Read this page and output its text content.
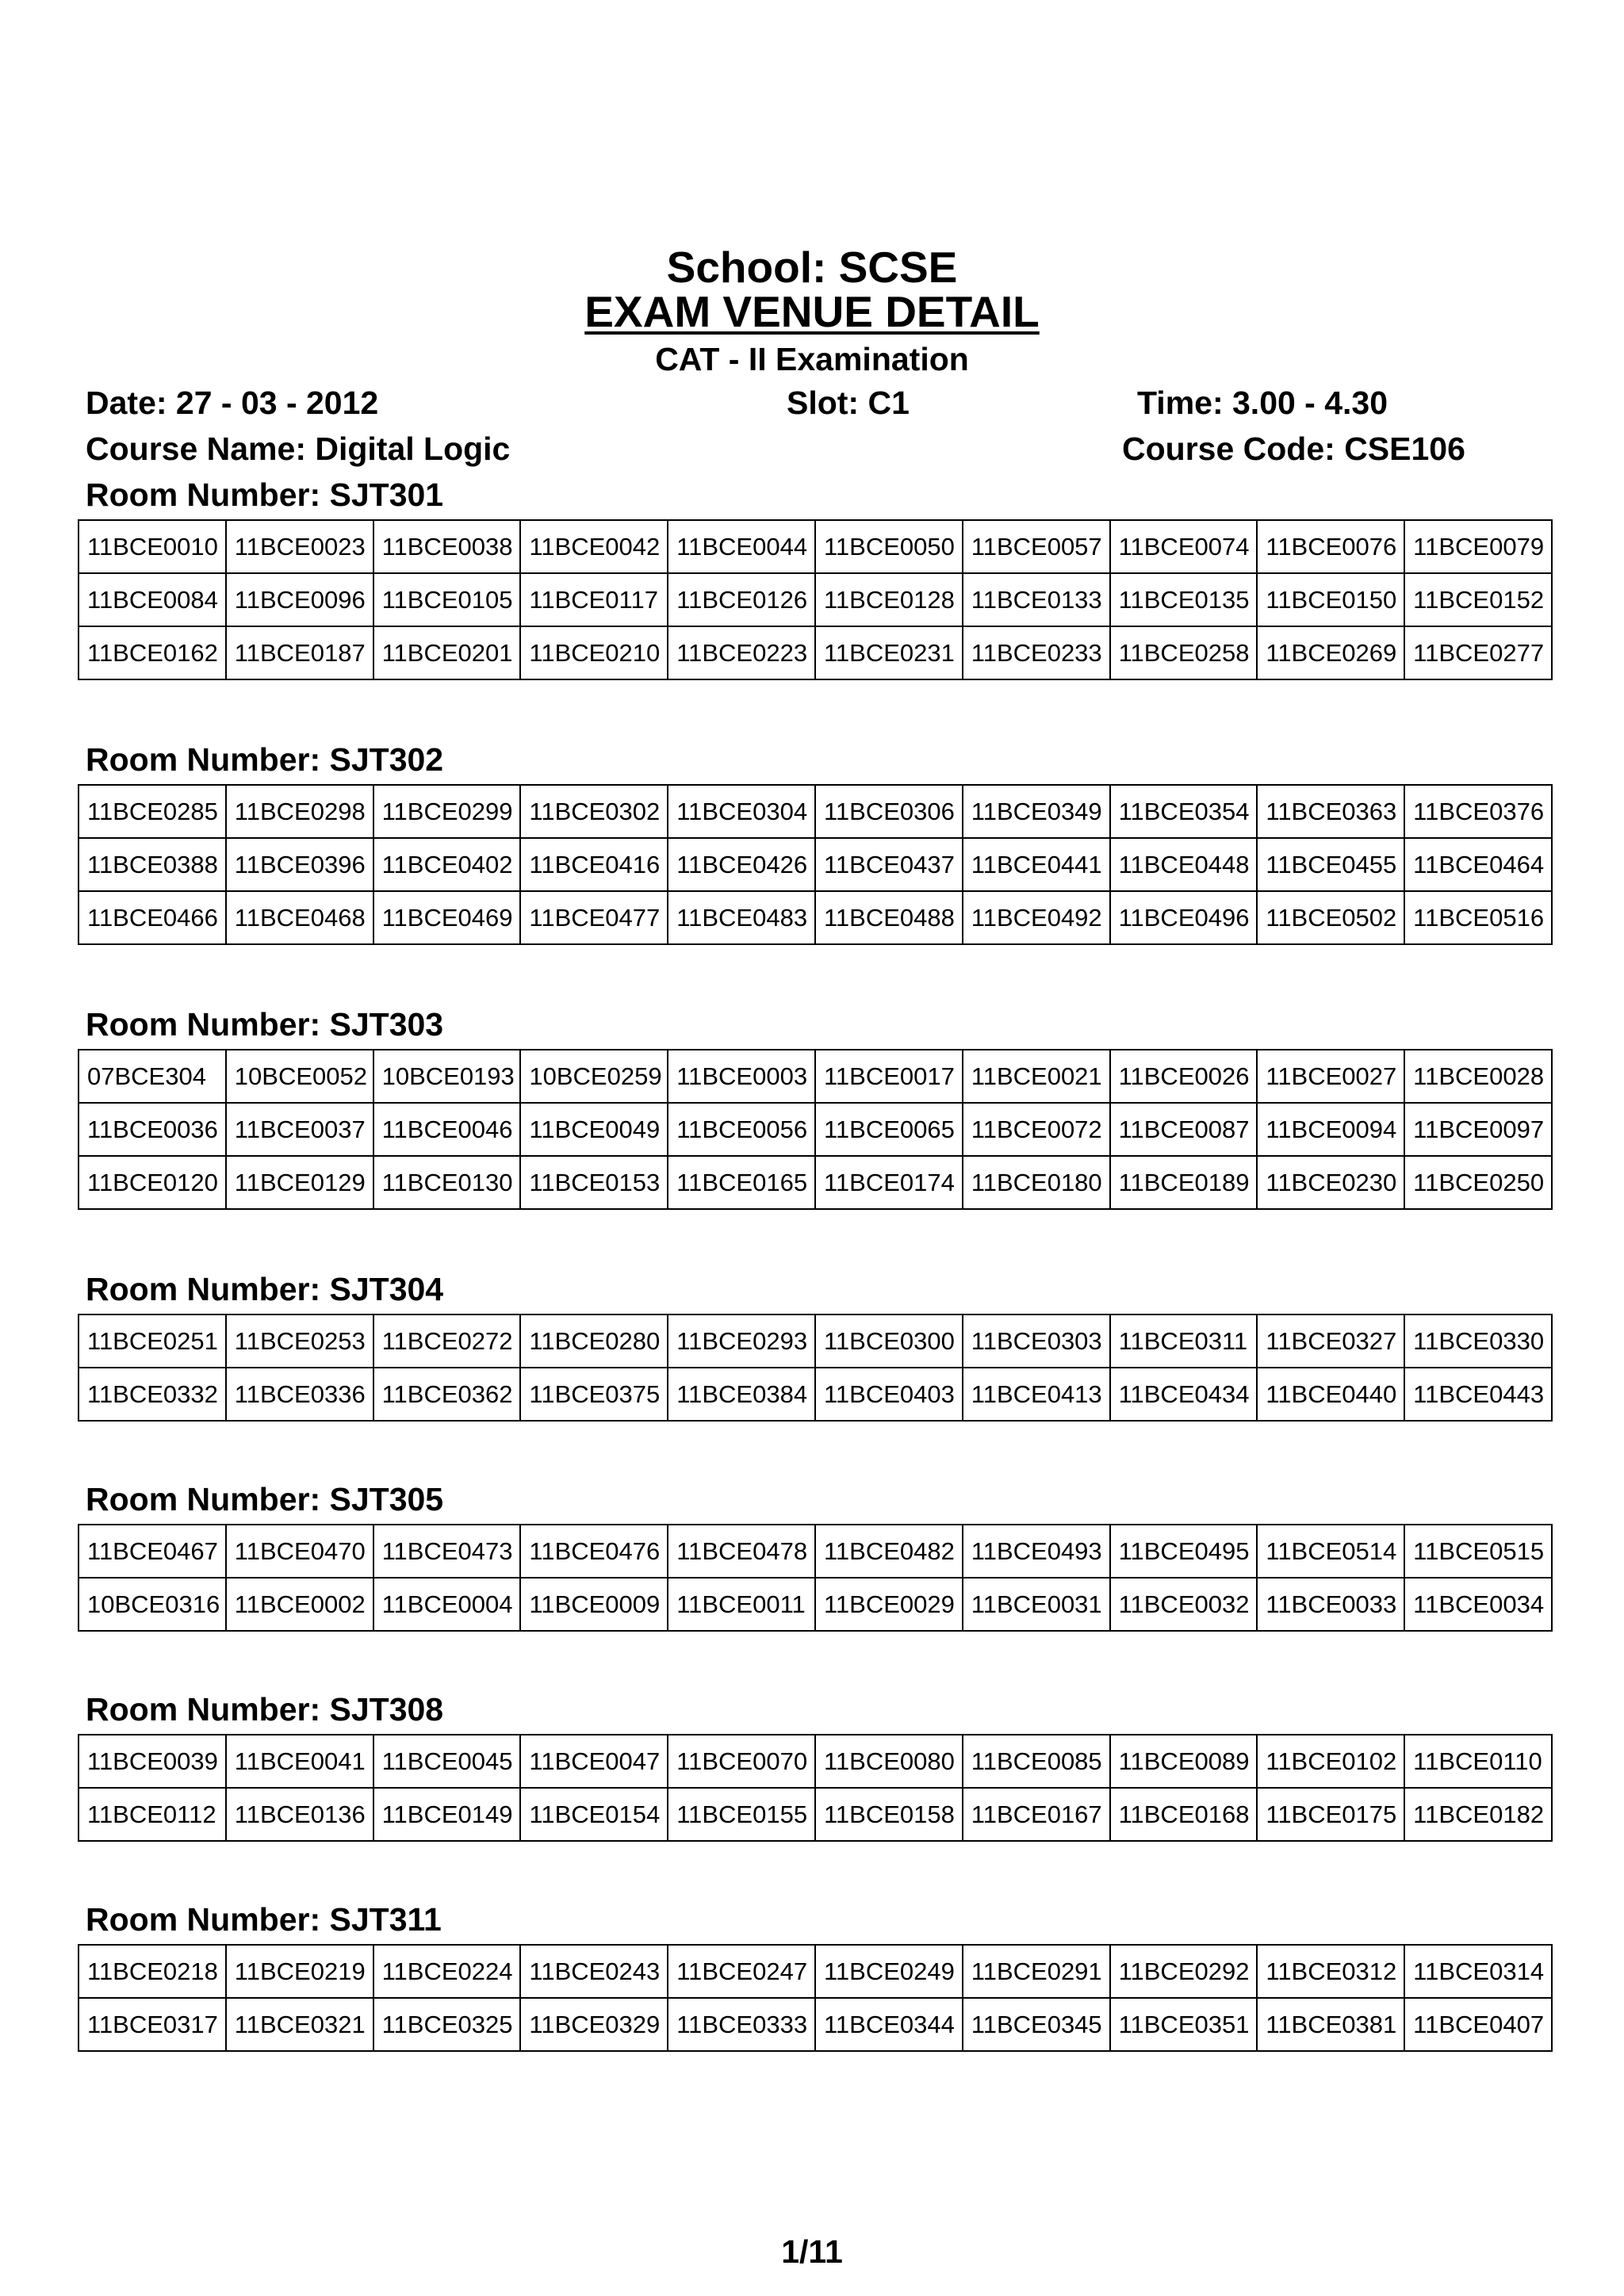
School: SCSE
EXAM VENUE DETAIL
CAT - II Examination
Date: 27 - 03 - 2012	Slot: C1	Time: 3.00 - 4.30
Course Name: Digital Logic	Course Code: CSE106
Room Number: SJT301
11BCE0010	11BCE0023	11BCE0038	11BCE0042	11BCE0044	11BCE0050	11BCE0057	11BCE0074	11BCE0076	11BCE0079
11BCE0084	11BCE0096	11BCE0105	11BCE0117	11BCE0126	11BCE0128	11BCE0133	11BCE0135	11BCE0150	11BCE0152
11BCE0162	11BCE0187	11BCE0201	11BCE0210	11BCE0223	11BCE0231	11BCE0233	11BCE0258	11BCE0269	11BCE0277
Room Number: SJT302
11BCE0285	11BCE0298	11BCE0299	11BCE0302	11BCE0304	11BCE0306	11BCE0349	11BCE0354	11BCE0363	11BCE0376
11BCE0388	11BCE0396	11BCE0402	11BCE0416	11BCE0426	11BCE0437	11BCE0441	11BCE0448	11BCE0455	11BCE0464
11BCE0466	11BCE0468	11BCE0469	11BCE0477	11BCE0483	11BCE0488	11BCE0492	11BCE0496	11BCE0502	11BCE0516
Room Number: SJT303
07BCE304	10BCE0052	10BCE0193	10BCE0259	11BCE0003	11BCE0017	11BCE0021	11BCE0026	11BCE0027	11BCE0028
11BCE0036	11BCE0037	11BCE0046	11BCE0049	11BCE0056	11BCE0065	11BCE0072	11BCE0087	11BCE0094	11BCE0097
11BCE0120	11BCE0129	11BCE0130	11BCE0153	11BCE0165	11BCE0174	11BCE0180	11BCE0189	11BCE0230	11BCE0250
Room Number: SJT304
11BCE0251	11BCE0253	11BCE0272	11BCE0280	11BCE0293	11BCE0300	11BCE0303	11BCE0311	11BCE0327	11BCE0330
11BCE0332	11BCE0336	11BCE0362	11BCE0375	11BCE0384	11BCE0403	11BCE0413	11BCE0434	11BCE0440	11BCE0443
Room Number: SJT305
11BCE0467	11BCE0470	11BCE0473	11BCE0476	11BCE0478	11BCE0482	11BCE0493	11BCE0495	11BCE0514	11BCE0515
10BCE0316	11BCE0002	11BCE0004	11BCE0009	11BCE0011	11BCE0029	11BCE0031	11BCE0032	11BCE0033	11BCE0034
Room Number: SJT308
11BCE0039	11BCE0041	11BCE0045	11BCE0047	11BCE0070	11BCE0080	11BCE0085	11BCE0089	11BCE0102	11BCE0110
11BCE0112	11BCE0136	11BCE0149	11BCE0154	11BCE0155	11BCE0158	11BCE0167	11BCE0168	11BCE0175	11BCE0182
Room Number: SJT311
11BCE0218	11BCE0219	11BCE0224	11BCE0243	11BCE0247	11BCE0249	11BCE0291	11BCE0292	11BCE0312	11BCE0314
11BCE0317	11BCE0321	11BCE0325	11BCE0329	11BCE0333	11BCE0344	11BCE0345	11BCE0351	11BCE0381	11BCE0407
1/11
